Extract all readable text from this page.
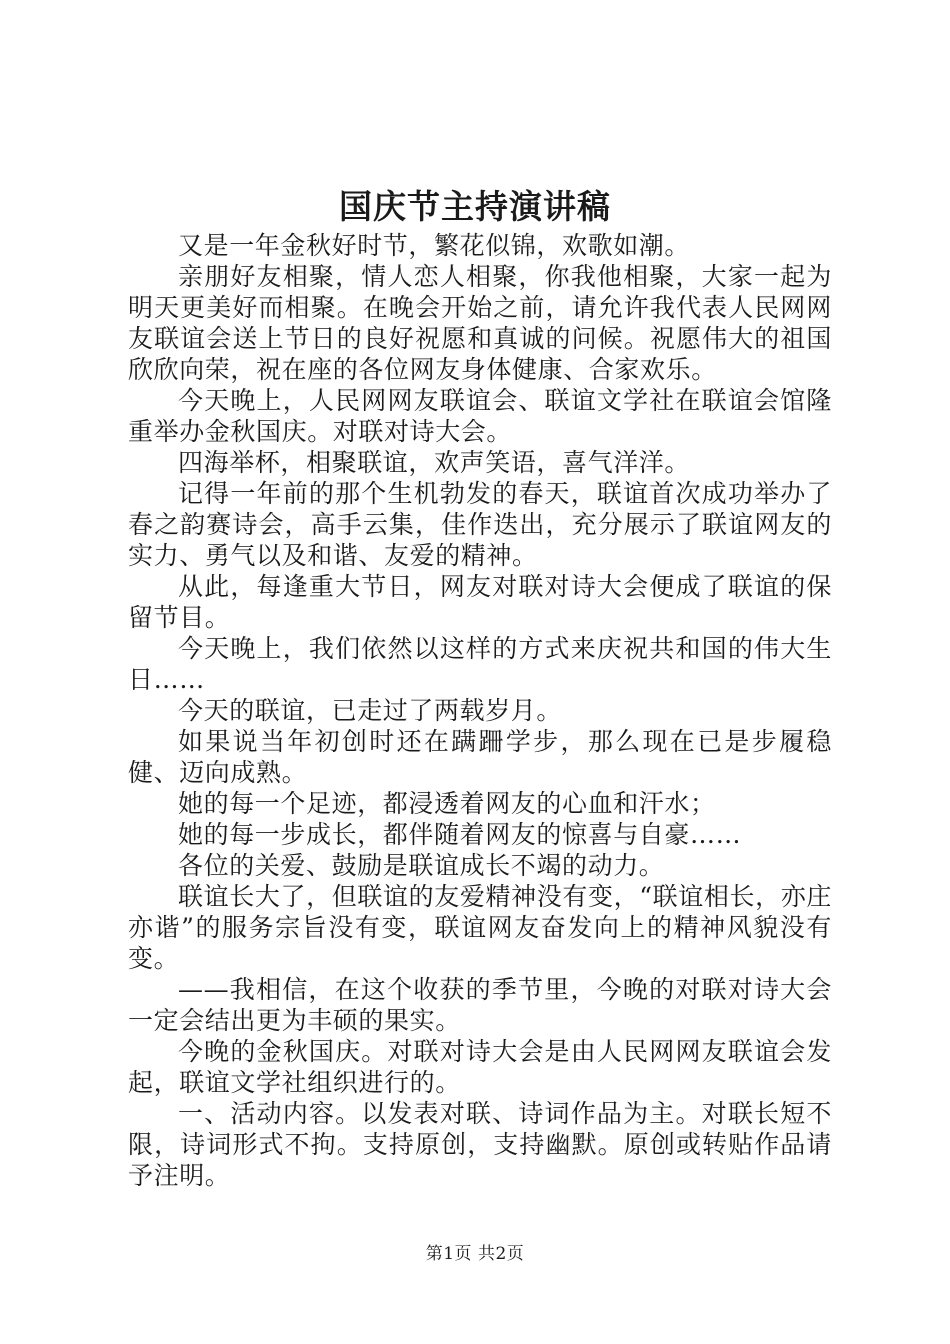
国庆节主持演讲稿

又是一年金秋好时节，繁花似锦，欢歌如潮。

亲朋好友相聚，情人恋人相聚，你我他相聚，大家一起为明天更美好而相聚。在晚会开始之前，请允许我代表人民网网友联谊会送上节日的良好祝愿和真诚的问候。祝愿伟大的祖国欣欣向荣，祝在座的各位网友身体健康、合家欢乐。

今天晚上，人民网网友联谊会、联谊文学社在联谊会馆隆重举办金秋国庆。对联对诗大会。

四海举杯，相聚联谊，欢声笑语，喜气洋洋。

记得一年前的那个生机勃发的春天，联谊首次成功举办了春之韵赛诗会，高手云集，佳作迭出，充分展示了联谊网友的实力、勇气以及和谐、友爱的精神。

从此，每逢重大节日，网友对联对诗大会便成了联谊的保留节目。

今天晚上，我们依然以这样的方式来庆祝共和国的伟大生日……

今天的联谊，已走过了两载岁月。

如果说当年初创时还在蹒跚学步，那么现在已是步履稳健、迈向成熟。

她的每一个足迹，都浸透着网友的心血和汗水；

她的每一步成长，都伴随着网友的惊喜与自豪……

各位的关爱、鼓励是联谊成长不竭的动力。

联谊长大了，但联谊的友爱精神没有变，“联谊相长，亦庄亦谐”的服务宗旨没有变，联谊网友奋发向上的精神风貌没有变。

——我相信，在这个收获的季节里，今晚的对联对诗大会一定会结出更为丰硕的果实。

今晚的金秋国庆。对联对诗大会是由人民网网友联谊会发起，联谊文学社组织进行的。

一、活动内容。以发表对联、诗词作品为主。对联长短不限，诗词形式不拘。支持原创，支持幽默。原创或转贴作品请予注明。

第1页 共2页
